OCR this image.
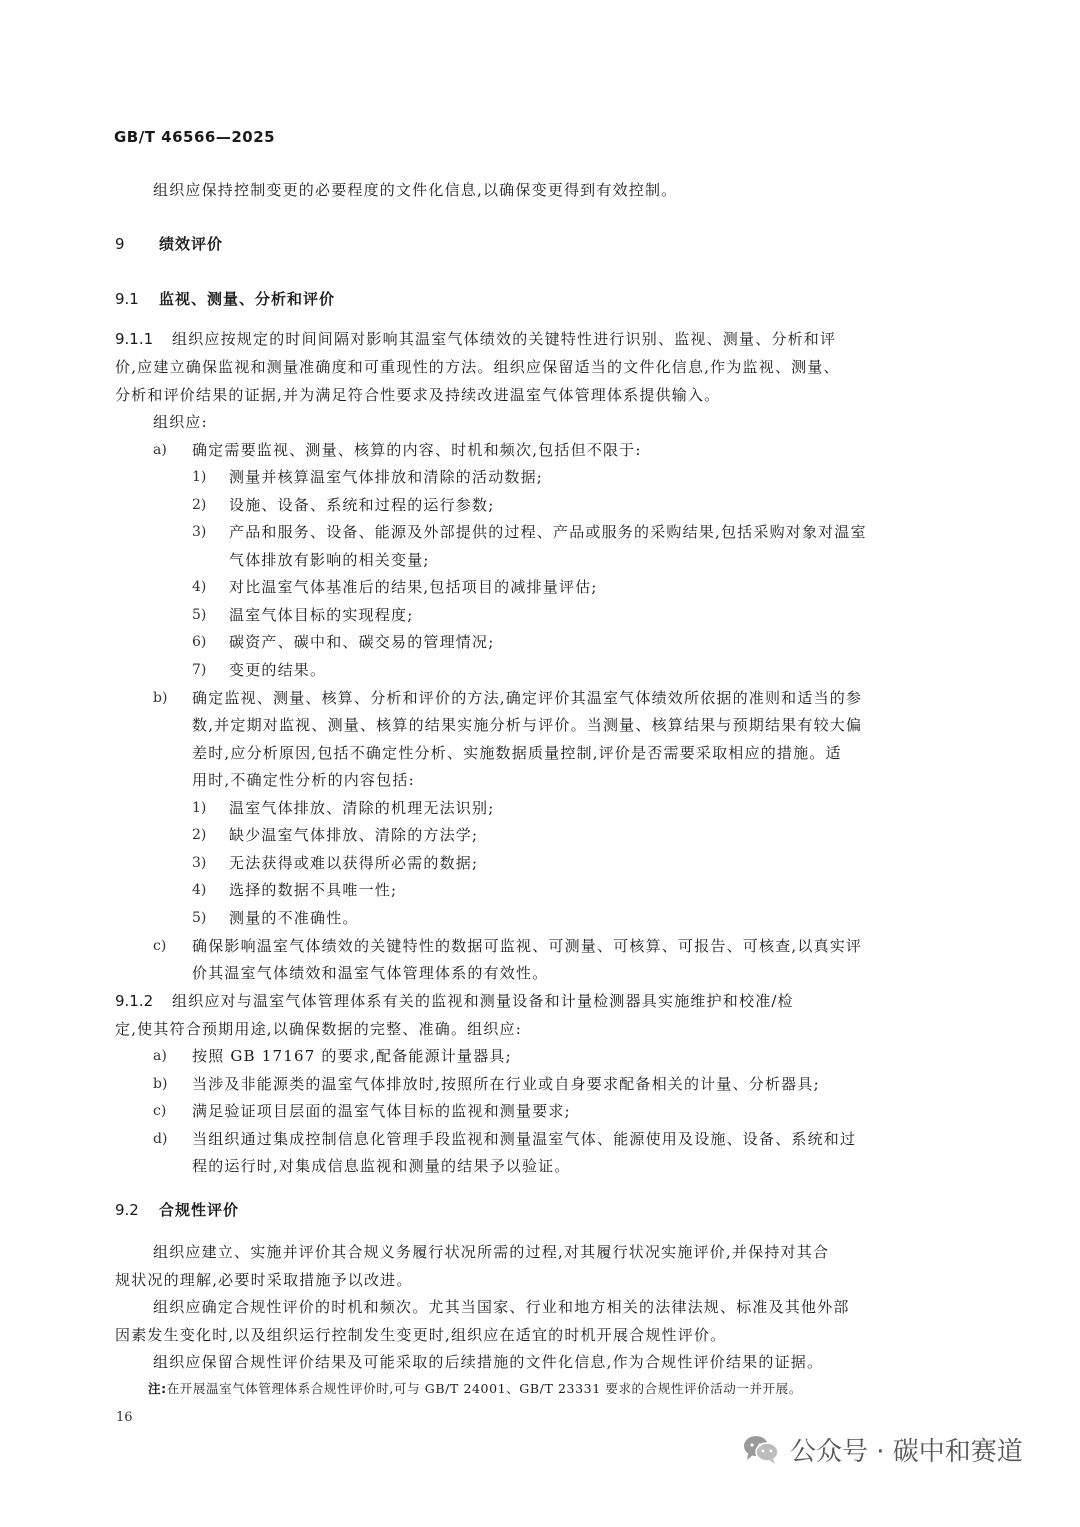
GB/T 46566—2025
组织应保持控制变更的必要程度的文件化信息,以确保变更得到有效控制。
9 绩效评价
9.1 监视、测量、分析和评价
9.1.1 组织应按规定的时间间隔对影响其温室气体绩效的关键特性进行识别、监视、测量、分析和评
价,应建立确保监视和测量准确度和可重现性的方法。组织应保留适当的文件化信息,作为监视、测量、
分析和评价结果的证据,并为满足符合性要求及持续改进温室气体管理体系提供输入。
组织应:
a) 确定需要监视、测量、核算的内容、时机和频次,包括但不限于:
1) 测量并核算温室气体排放和清除的活动数据;
2) 设施、设备、系统和过程的运行参数;
3) 产品和服务、设备、能源及外部提供的过程、产品或服务的采购结果,包括采购对象对温室
气体排放有影响的相关变量;
4) 对比温室气体基准后的结果,包括项目的减排量评估;
5) 温室气体目标的实现程度;
6) 碳资产、碳中和、碳交易的管理情况;
7) 变更的结果。
b) 确定监视、测量、核算、分析和评价的方法,确定评价其温室气体绩效所依据的准则和适当的参
数,并定期对监视、测量、核算的结果实施分析与评价。当测量、核算结果与预期结果有较大偏
差时,应分析原因,包括不确定性分析、实施数据质量控制,评价是否需要采取相应的措施。适
用时,不确定性分析的内容包括:
1) 温室气体排放、清除的机理无法识别;
2) 缺少温室气体排放、清除的方法学;
3) 无法获得或难以获得所必需的数据;
4) 选择的数据不具唯一性;
5) 测量的不准确性。
c) 确保影响温室气体绩效的关键特性的数据可监视、可测量、可核算、可报告、可核查,以真实评
价其温室气体绩效和温室气体管理体系的有效性。
9.1.2 组织应对与温室气体管理体系有关的监视和测量设备和计量检测器具实施维护和校准/检
定,使其符合预期用途,以确保数据的完整、准确。组织应:
a) 按照 GB 17167 的要求,配备能源计量器具;
b) 当涉及非能源类的温室气体排放时,按照所在行业或自身要求配备相关的计量、分析器具;
c) 满足验证项目层面的温室气体目标的监视和测量要求;
d) 当组织通过集成控制信息化管理手段监视和测量温室气体、能源使用及设施、设备、系统和过
程的运行时,对集成信息监视和测量的结果予以验证。
9.2 合规性评价
组织应建立、实施并评价其合规义务履行状况所需的过程,对其履行状况实施评价,并保持对其合
规状况的理解,必要时采取措施予以改进。
组织应确定合规性评价的时机和频次。尤其当国家、行业和地方相关的法律法规、标准及其他外部
因素发生变化时,以及组织运行控制发生变更时,组织应在适宜的时机开展合规性评价。
组织应保留合规性评价结果及可能采取的后续措施的文件化信息,作为合规性评价结果的证据。
注:在开展温室气体管理体系合规性评价时,可与 GB/T 24001、GB/T 23331 要求的合规性评价活动一并开展。
16
公众号 · 碳中和赛道
